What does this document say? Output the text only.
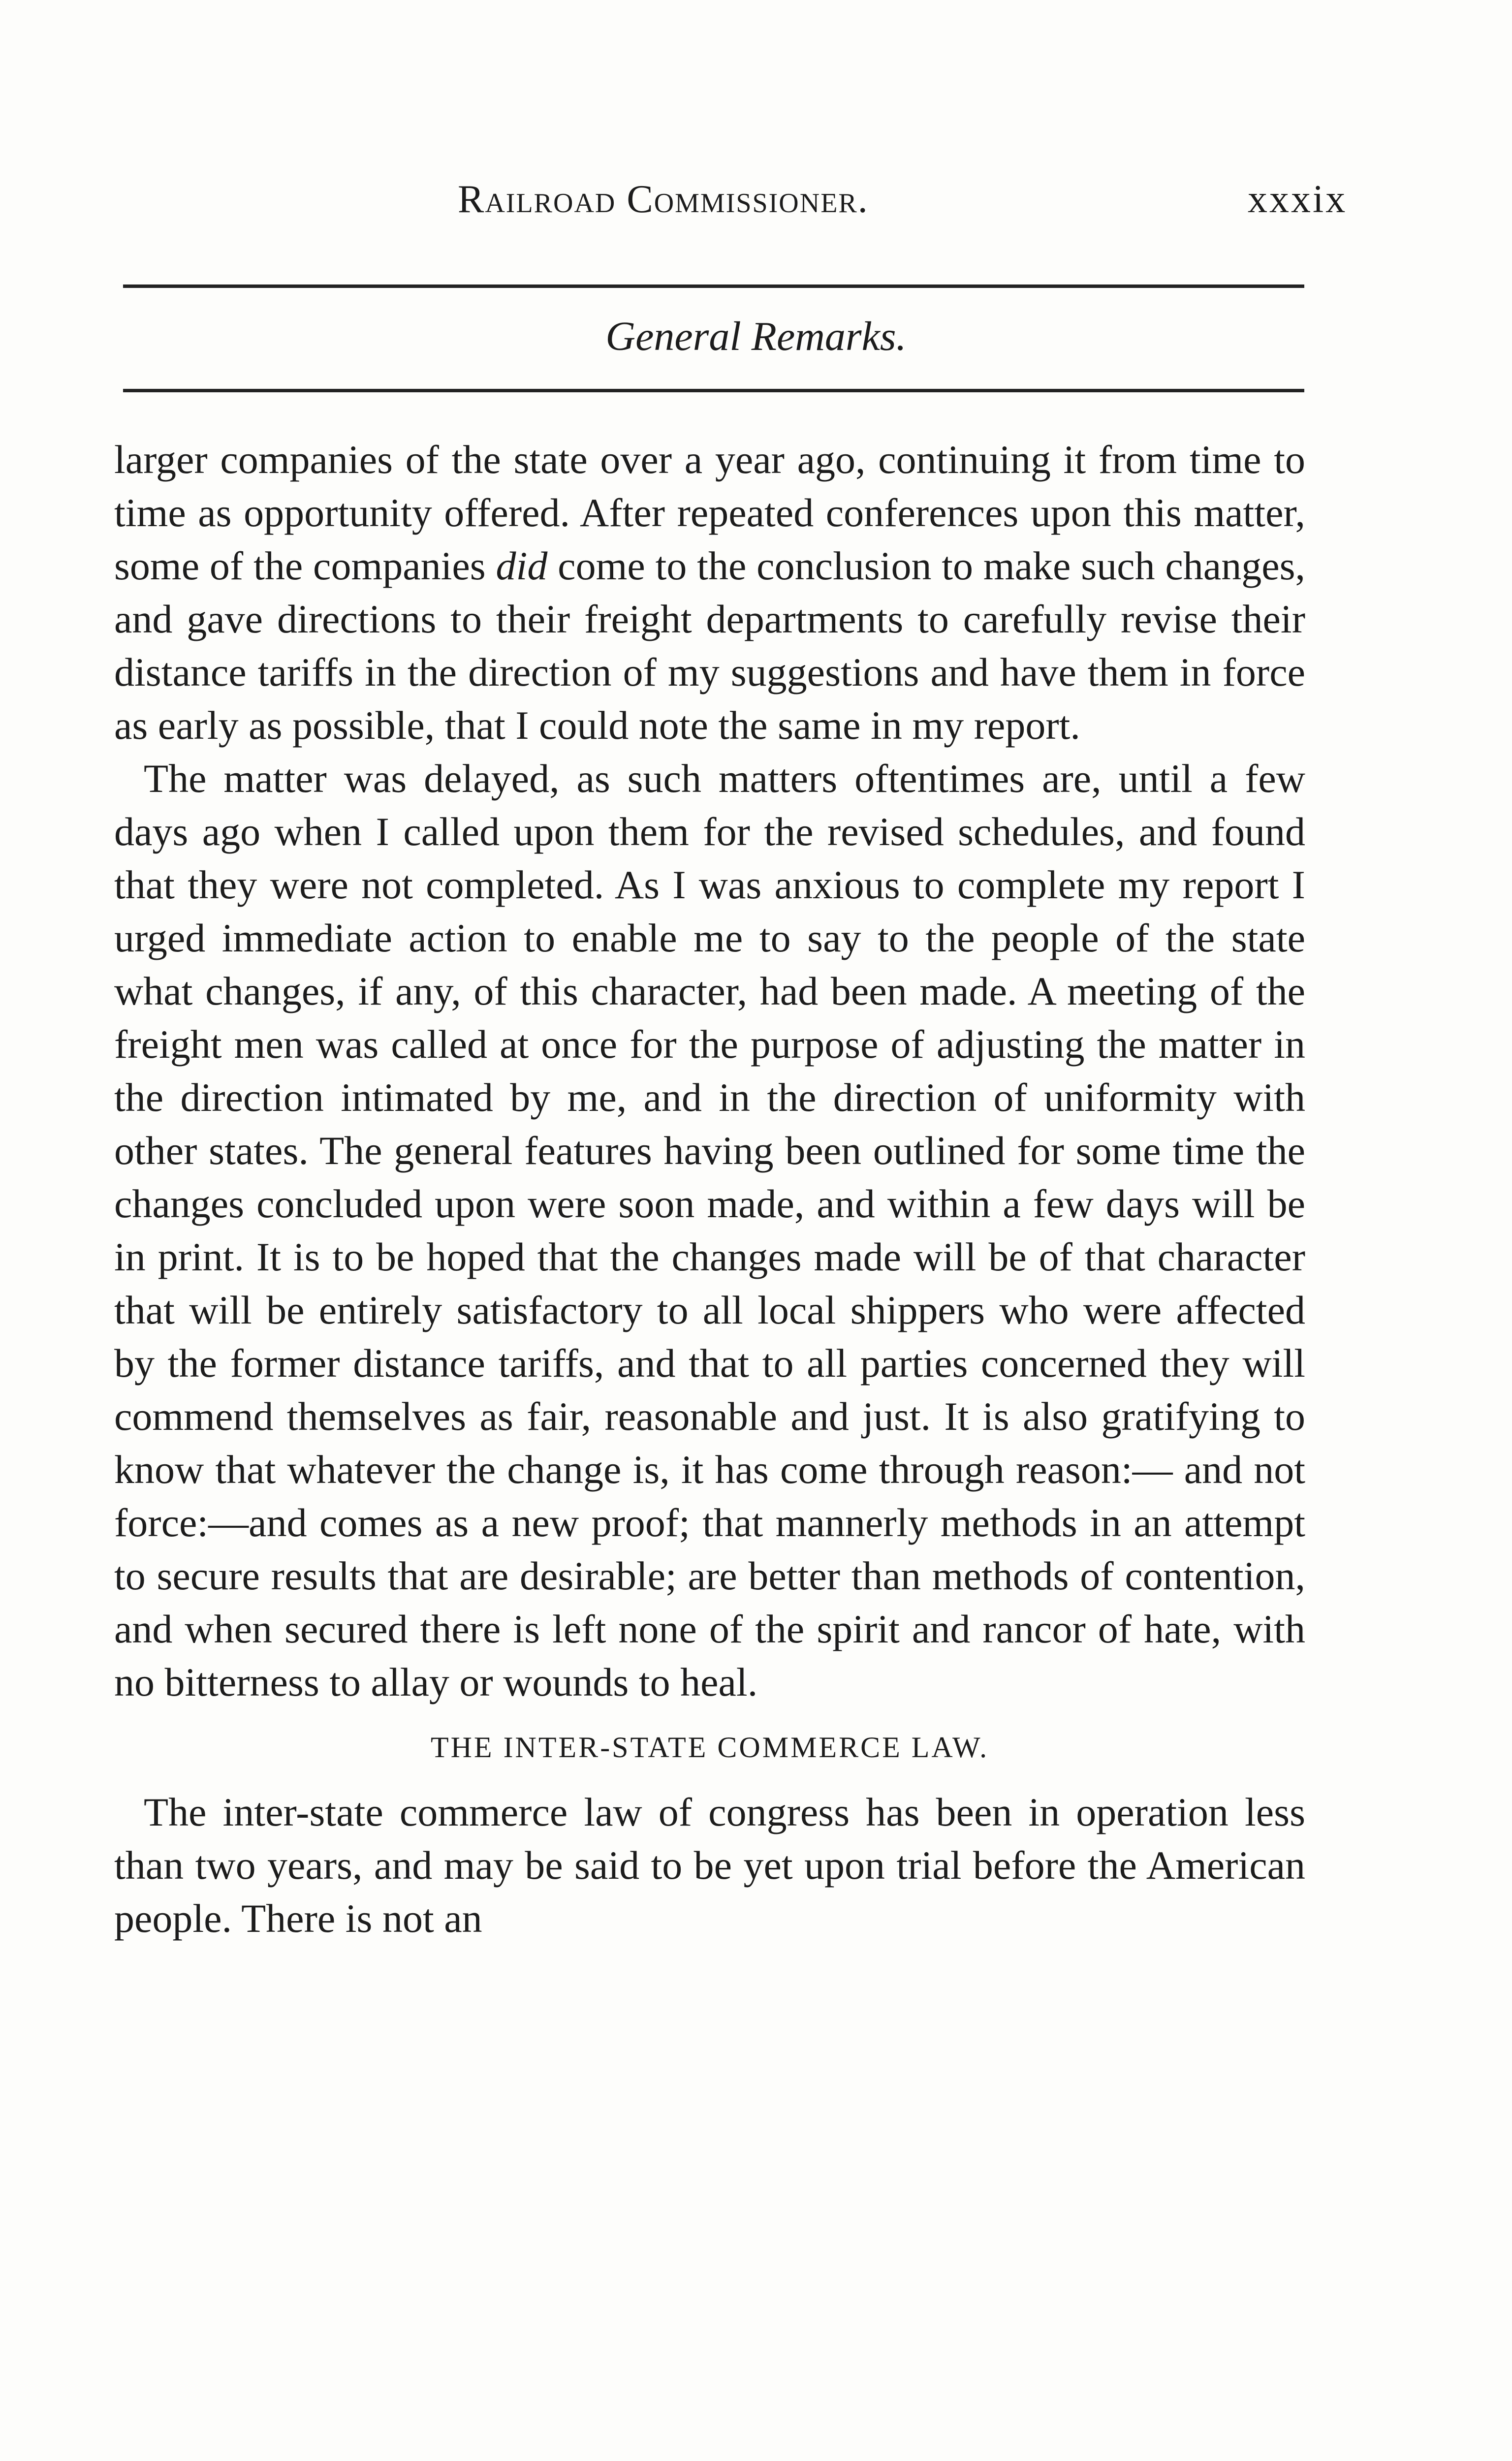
Railroad Commissioner.	xxxix
General Remarks.

larger companies of the state over a year ago, continuing it from time to time as opportunity offered. After repeated conferences upon this matter, some of the companies did come to the conclusion to make such changes, and gave directions to their freight departments to carefully revise their distance tariffs in the direction of my suggestions and have them in force as early as possible, that I could note the same in my report.

The matter was delayed, as such matters oftentimes are, until a few days ago when I called upon them for the revised schedules, and found that they were not completed. As I was anxious to complete my report I urged immediate action to enable me to say to the people of the state what changes, if any, of this character, had been made. A meeting of the freight men was called at once for the purpose of adjusting the matter in the direction intimated by me, and in the direction of uniformity with other states. The general features having been outlined for some time the changes concluded upon were soon made, and within a few days will be in print. It is to be hoped that the changes made will be of that character that will be entirely satisfactory to all local shippers who were affected by the former distance tariffs, and that to all parties concerned they will commend themselves as fair, reasonable and just. It is also gratifying to know that whatever the change is, it has come through reason:— and not force:—and comes as a new proof; that mannerly methods in an attempt to secure results that are desirable; are better than methods of contention, and when secured there is left none of the spirit and rancor of hate, with no bitterness to allay or wounds to heal.

THE INTER-STATE COMMERCE LAW.

The inter-state commerce law of congress has been in operation less than two years, and may be said to be yet upon trial before the American people. There is not an
